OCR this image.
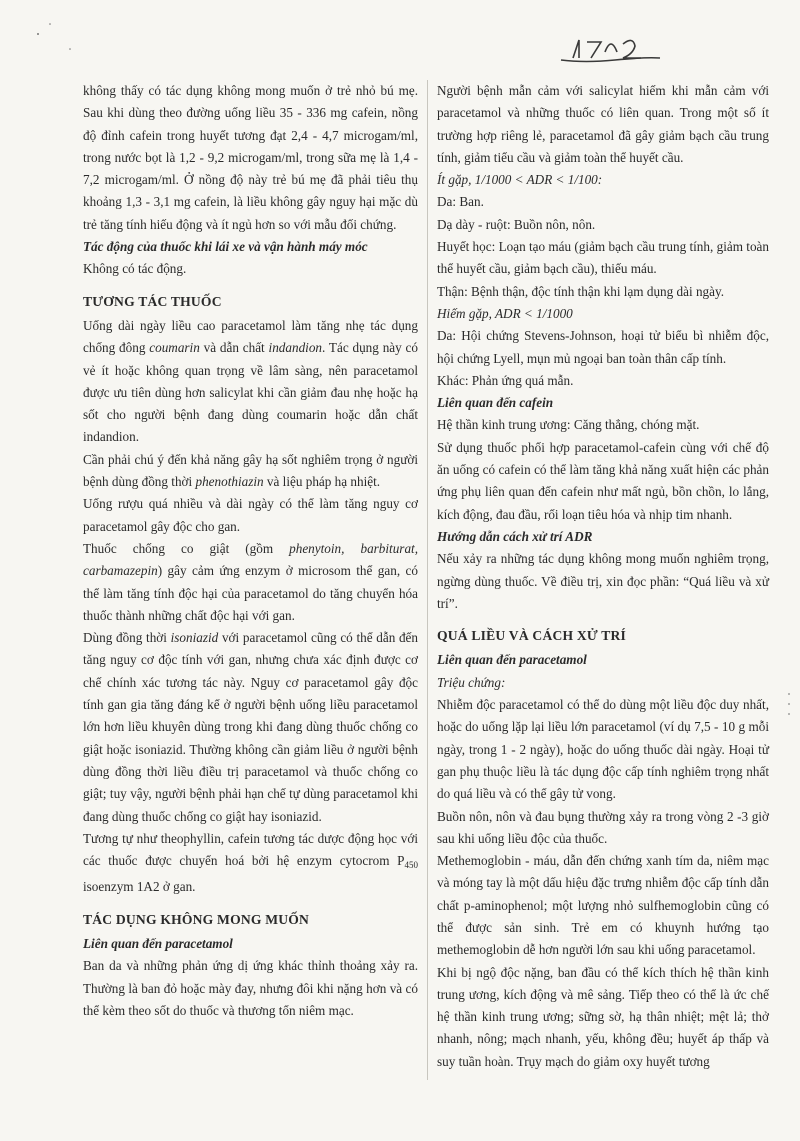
không thấy có tác dụng không mong muốn ở trẻ nhỏ bú mẹ. Sau khi dùng theo đường uống liều 35 - 336 mg cafein, nồng độ đỉnh cafein trong huyết tương đạt 2,4 - 4,7 microgam/ml, trong nước bọt là 1,2 - 9,2 microgam/ml, trong sữa mẹ là 1,4 - 7,2 microgam/ml. Ở nồng độ này trẻ bú mẹ đã phải tiêu thụ khoảng 1,3 - 3,1 mg cafein, là liều không gây nguy hại mặc dù trẻ tăng tính hiếu động và ít ngủ hơn so với mẫu đối chứng.

Tác động của thuốc khi lái xe và vận hành máy móc

Không có tác động.

TƯƠNG TÁC THUỐC

Uống dài ngày liều cao paracetamol làm tăng nhẹ tác dụng chống đông coumarin và dẫn chất indandion. Tác dụng này có vẻ ít hoặc không quan trọng về lâm sàng, nên paracetamol được ưu tiên dùng hơn salicylat khi cần giảm đau nhẹ hoặc hạ sốt cho người bệnh đang dùng coumarin hoặc dẫn chất indandion.

Cần phải chú ý đến khả năng gây hạ sốt nghiêm trọng ở người bệnh dùng đồng thời phenothiazin và liệu pháp hạ nhiệt.

Uống rượu quá nhiều và dài ngày có thể làm tăng nguy cơ paracetamol gây độc cho gan.

Thuốc chống co giật (gồm phenytoin, barbiturat, carbamazepin) gây cảm ứng enzym ở microsom thể gan, có thể làm tăng tính độc hại của paracetamol do tăng chuyển hóa thuốc thành những chất độc hại với gan.

Dùng đồng thời isoniazid với paracetamol cũng có thể dẫn đến tăng nguy cơ độc tính với gan, nhưng chưa xác định được cơ chế chính xác tương tác này. Nguy cơ paracetamol gây độc tính gan gia tăng đáng kể ở người bệnh uống liều paracetamol lớn hơn liều khuyên dùng trong khi đang dùng thuốc chống co giật hoặc isoniazid. Thường không cần giảm liều ở người bệnh dùng đồng thời liều điều trị paracetamol và thuốc chống co giật; tuy vậy, người bệnh phải hạn chế tự dùng paracetamol khi đang dùng thuốc chống co giật hay isoniazid.

Tương tự như theophyllin, cafein tương tác dược động học với các thuốc được chuyển hoá bởi hệ enzym cytocrom $P_{450}$ isoenzym 1A2 ở gan.

TÁC DỤNG KHÔNG MONG MUỐN

Liên quan đến paracetamol

Ban da và những phản ứng dị ứng khác thỉnh thoảng xảy ra. Thường là ban đỏ hoặc mày đay, nhưng đôi khi nặng hơn và có thể kèm theo sốt do thuốc và thương tổn niêm mạc.

Người bệnh mẫn cảm với salicylat hiếm khi mẫn cảm với paracetamol và những thuốc có liên quan. Trong một số ít trường hợp riêng lẻ, paracetamol đã gây giảm bạch cầu trung tính, giảm tiểu cầu và giảm toàn thể huyết cầu.

Ít gặp, 1/1000 < ADR < 1/100:

Da: Ban.

Dạ dày - ruột: Buồn nôn, nôn.

Huyết học: Loạn tạo máu (giảm bạch cầu trung tính, giảm toàn thể huyết cầu, giảm bạch cầu), thiếu máu.

Thận: Bệnh thận, độc tính thận khi lạm dụng dài ngày.

Hiếm gặp, ADR < 1/1000

Da: Hội chứng Stevens-Johnson, hoại tử biểu bì nhiễm độc, hội chứng Lyell, mụn mủ ngoại ban toàn thân cấp tính.

Khác: Phản ứng quá mẫn.

Liên quan đến cafein

Hệ thần kinh trung ương: Căng thẳng, chóng mặt.

Sử dụng thuốc phối hợp paracetamol-cafein cùng với chế độ ăn uống có cafein có thể làm tăng khả năng xuất hiện các phản ứng phụ liên quan đến cafein như mất ngủ, bồn chồn, lo lắng, kích động, đau đầu, rối loạn tiêu hóa và nhịp tim nhanh.

Hướng dẫn cách xử trí ADR

Nếu xảy ra những tác dụng không mong muốn nghiêm trọng, ngừng dùng thuốc. Về điều trị, xin đọc phần: “Quá liều và xử trí”.

QUÁ LIỀU VÀ CÁCH XỬ TRÍ

Liên quan đến paracetamol

Triệu chứng:

Nhiễm độc paracetamol có thể do dùng một liều độc duy nhất, hoặc do uống lặp lại liều lớn paracetamol (ví dụ 7,5 - 10 g mỗi ngày, trong 1 - 2 ngày), hoặc do uống thuốc dài ngày. Hoại tử gan phụ thuộc liều là tác dụng độc cấp tính nghiêm trọng nhất do quá liều và có thể gây tử vong.

Buồn nôn, nôn và đau bụng thường xảy ra trong vòng 2 -3 giờ sau khi uống liều độc của thuốc.

Methemoglobin - máu, dẫn đến chứng xanh tím da, niêm mạc và móng tay là một dấu hiệu đặc trưng nhiễm độc cấp tính dẫn chất p-aminophenol; một lượng nhỏ sulfhemoglobin cũng có thể được sản sinh. Trẻ em có khuynh hướng tạo methemoglobin dễ hơn người lớn sau khi uống paracetamol.

Khi bị ngộ độc nặng, ban đầu có thể kích thích hệ thần kinh trung ương, kích động và mê sảng. Tiếp theo có thể là ức chế hệ thần kinh trung ương; sững sờ, hạ thân nhiệt; mệt lả; thở nhanh, nông; mạch nhanh, yếu, không đều; huyết áp thấp và suy tuần hoàn. Trụy mạch do giảm oxy huyết tương
